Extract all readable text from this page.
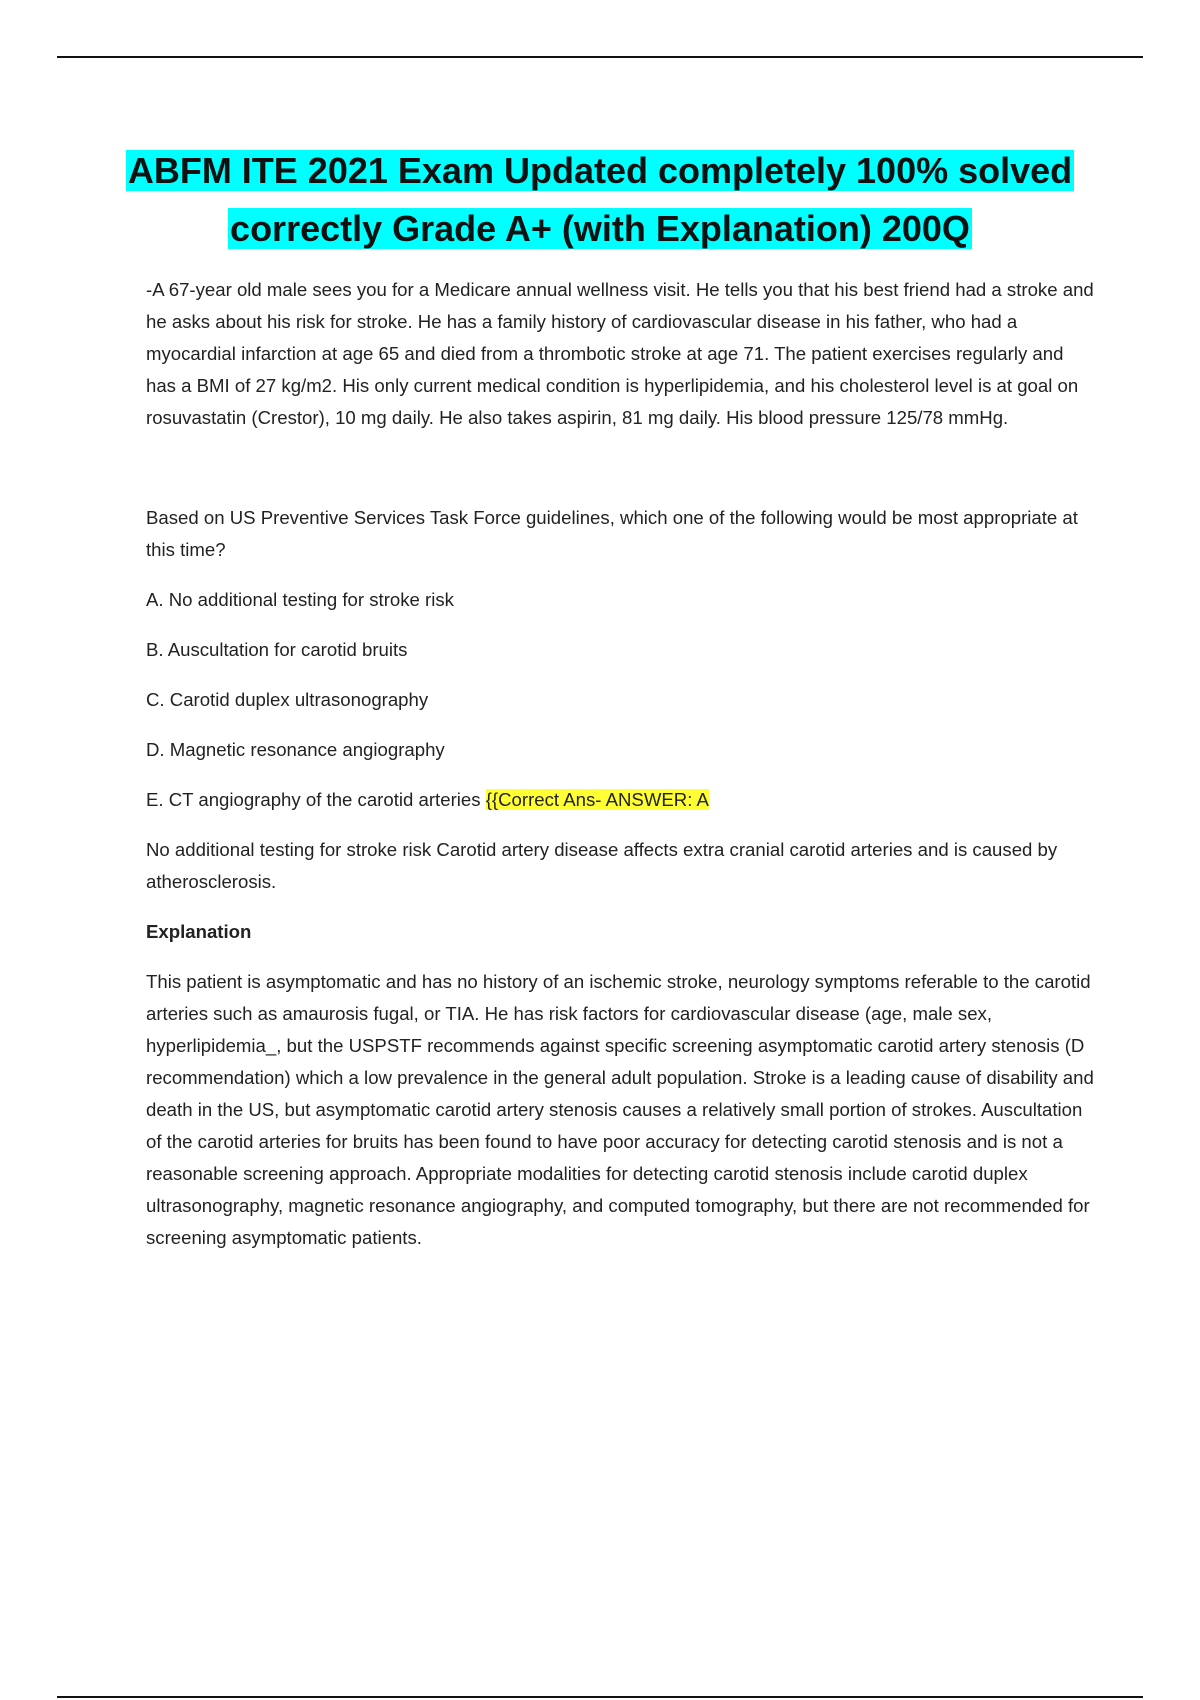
ABFM ITE 2021 Exam Updated completely 100% solved
correctly Grade A+ (with Explanation) 200Q

-A 67-year old male sees you for a Medicare annual wellness visit. He tells you that his best friend had a stroke and he asks about his risk for stroke. He has a family history of cardiovascular disease in his father, who had a myocardial infarction at age 65 and died from a thrombotic stroke at age 71. The patient exercises regularly and has a BMI of 27 kg/m2. His only current medical condition is hyperlipidemia, and his cholesterol level is at goal on rosuvastatin (Crestor), 10 mg daily. He also takes aspirin, 81 mg daily. His blood pressure 125/78 mmHg.

Based on US Preventive Services Task Force guidelines, which one of the following would be most appropriate at this time?

A. No additional testing for stroke risk

B. Auscultation for carotid bruits

C. Carotid duplex ultrasonography

D. Magnetic resonance angiography

E. CT angiography of the carotid arteries {{Correct Ans- ANSWER: A

No additional testing for stroke risk Carotid artery disease affects extra cranial carotid arteries and is caused by atherosclerosis.

Explanation

This patient is asymptomatic and has no history of an ischemic stroke, neurology symptoms referable to the carotid arteries such as amaurosis fugal, or TIA. He has risk factors for cardiovascular disease (age, male sex, hyperlipidemia_, but the USPSTF recommends against specific screening asymptomatic carotid artery stenosis (D recommendation) which a low prevalence in the general adult population. Stroke is a leading cause of disability and death in the US, but asymptomatic carotid artery stenosis causes a relatively small portion of strokes. Auscultation of the carotid arteries for bruits has been found to have poor accuracy for detecting carotid stenosis and is not a reasonable screening approach. Appropriate modalities for detecting carotid stenosis include carotid duplex ultrasonography, magnetic resonance angiography, and computed tomography, but there are not recommended for screening asymptomatic patients.
